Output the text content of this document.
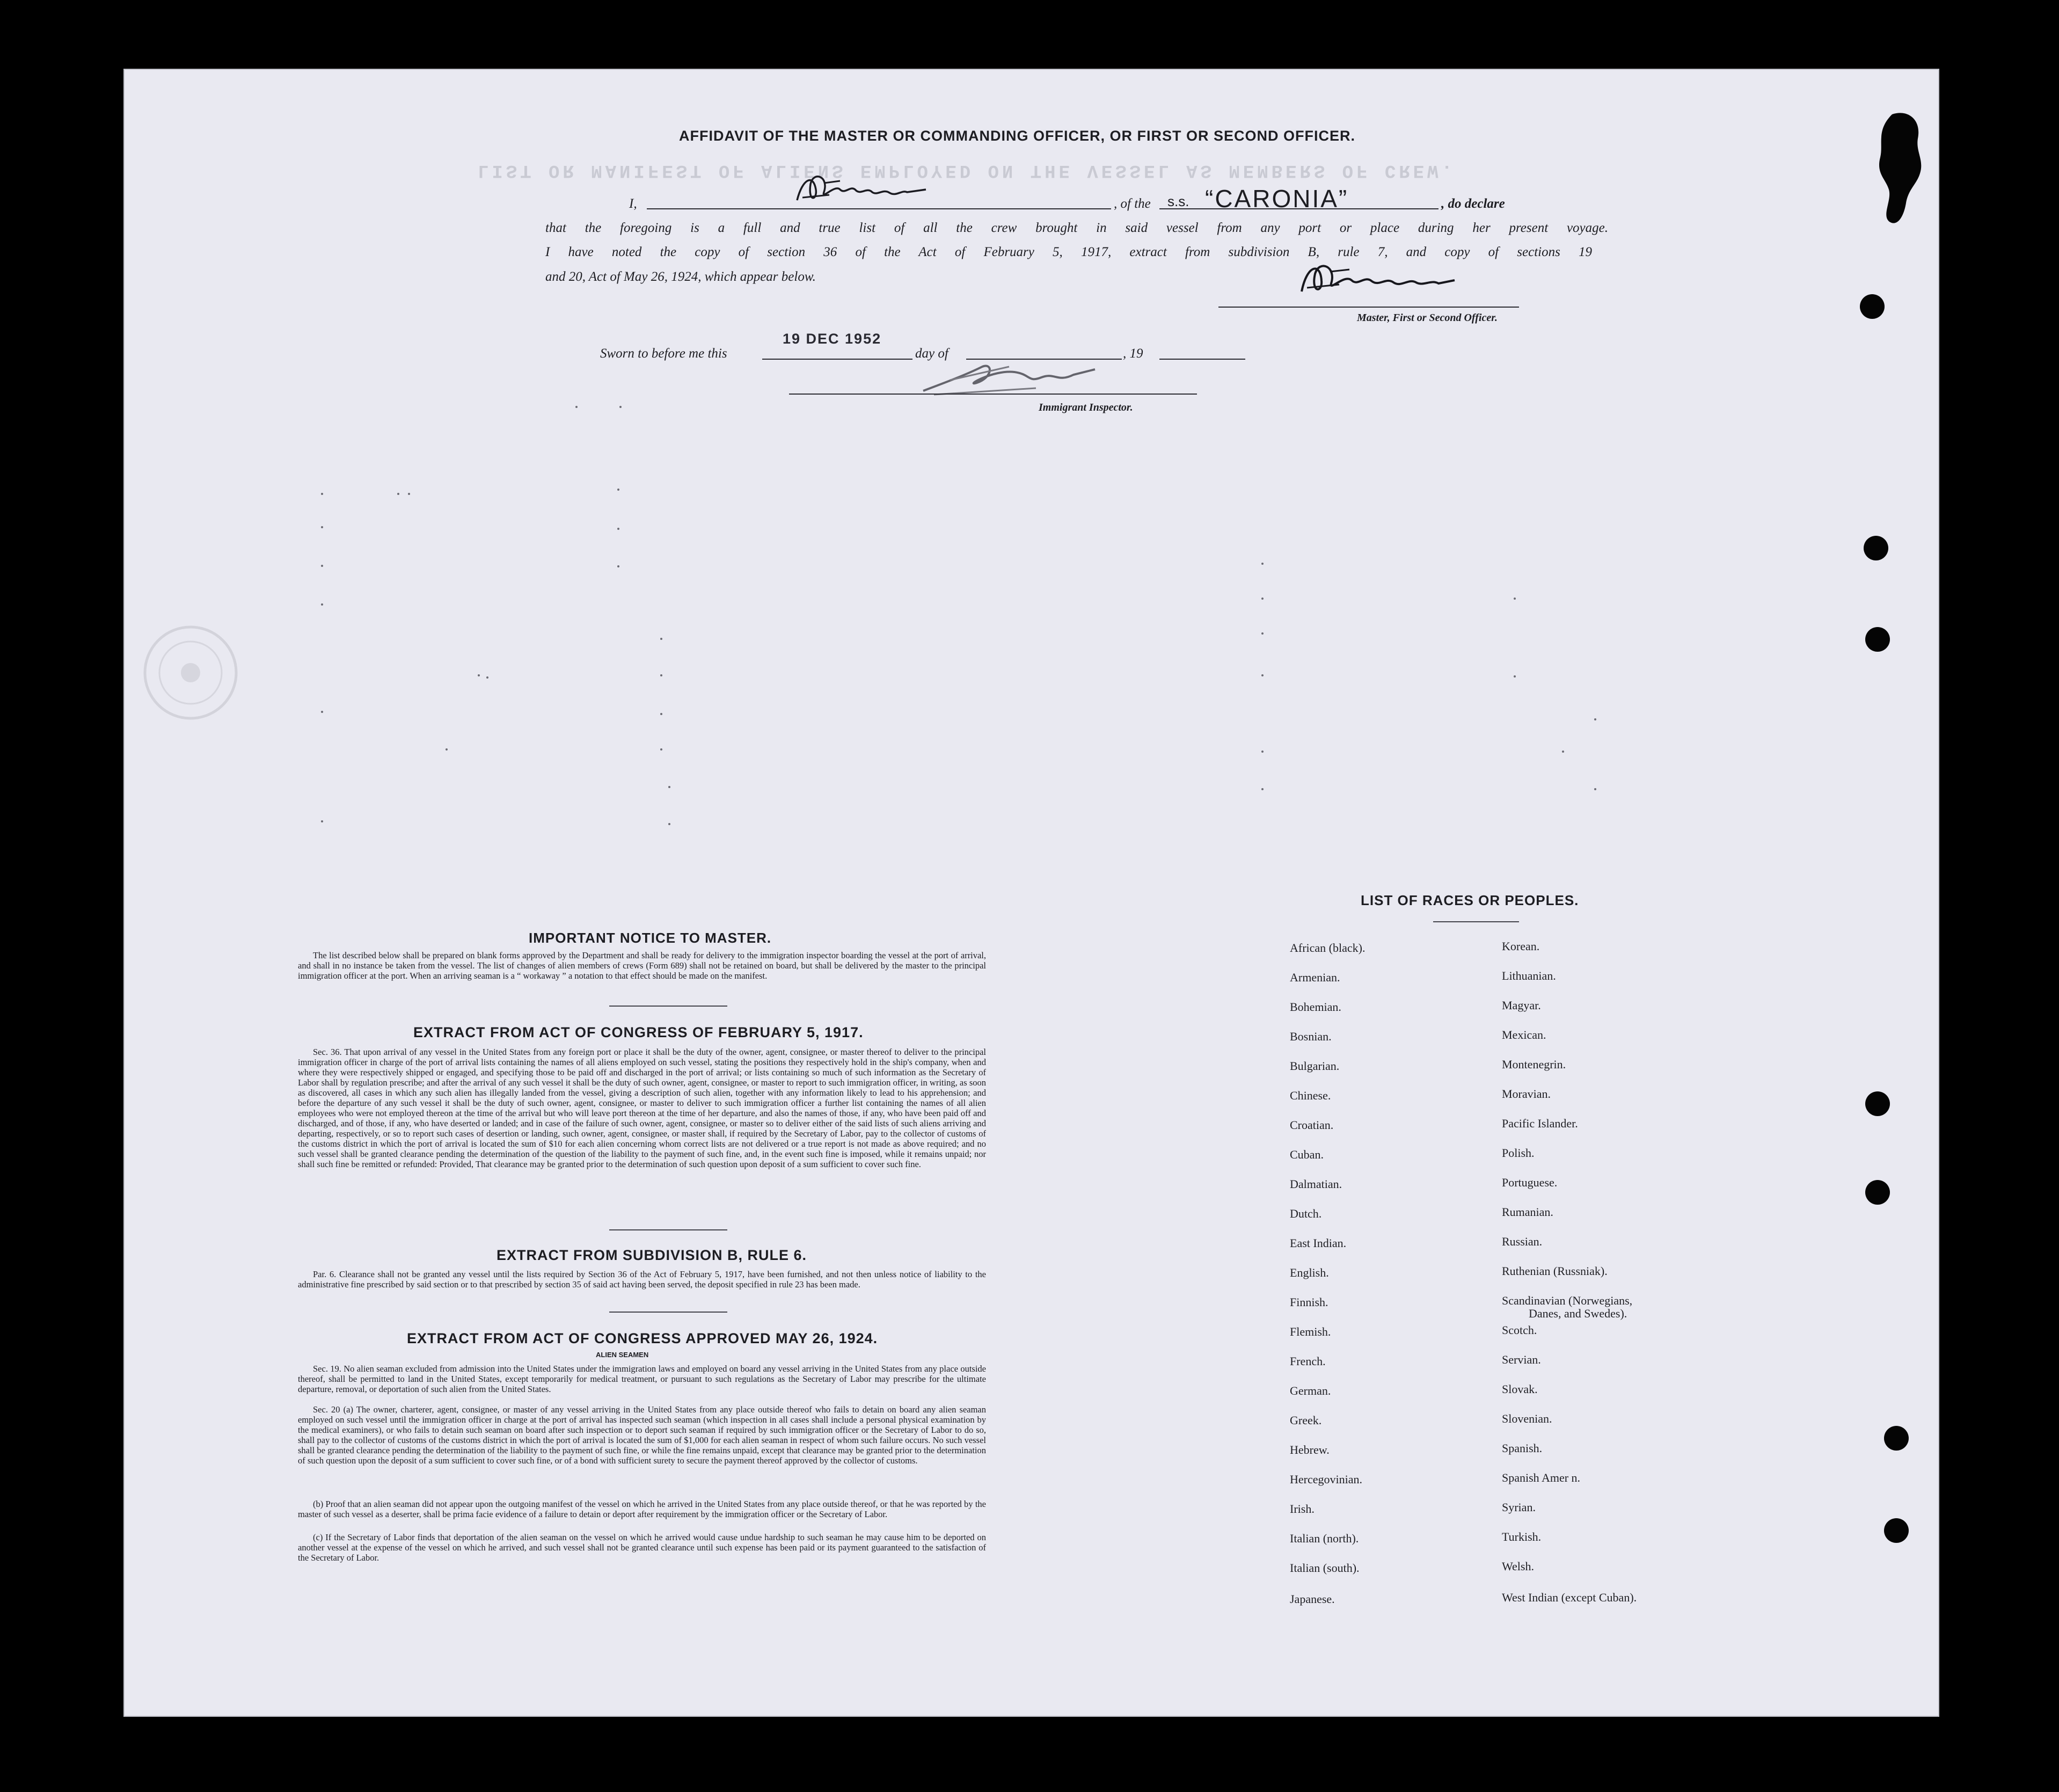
LIST OR MANIFEST OF ALIENS EMPLOYED ON THE VESSEL AS MEMBERS OF CREW.
AFFIDAVIT OF THE MASTER OR COMMANDING OFFICER, OR FIRST OR SECOND OFFICER.
I,	, of the s.s. “CARONIA”	, do declare
that the foregoing is a full and true list of all the crew brought in said vessel from any port or place during her present voyage.
I have noted the copy of section 36 of the Act of February 5, 1917, extract from subdivision B, rule 7, and copy of sections 19
and 20, Act of May 26, 1924, which appear below.
Master, First or Second Officer.
Sworn to before me this
19 DEC 1952
day of	, 19
Immigrant Inspector.
IMPORTANT NOTICE TO MASTER.
The list described below shall be prepared on blank forms approved by the Department and shall be ready for delivery to the immigration inspector boarding the vessel at the port of arrival, and shall in no instance be taken from the vessel. The list of changes of alien members of crews (Form 689) shall not be retained on board, but shall be delivered by the master to the principal immigration officer at the port. When an arriving seaman is a “ workaway ” a notation to that effect should be made on the manifest.
EXTRACT FROM ACT OF CONGRESS OF FEBRUARY 5, 1917.
Sec. 36. That upon arrival of any vessel in the United States from any foreign port or place it shall be the duty of the owner, agent, consignee, or master thereof to deliver to the principal immigration officer in charge of the port of arrival lists containing the names of all aliens employed on such vessel, stating the positions they respectively hold in the ship's company, when and where they were respectively shipped or engaged, and specifying those to be paid off and discharged in the port of arrival; or lists containing so much of such information as the Secretary of Labor shall by regulation prescribe; and after the arrival of any such vessel it shall be the duty of such owner, agent, consignee, or master to report to such immigration officer, in writing, as soon as discovered, all cases in which any such alien has illegally landed from the vessel, giving a description of such alien, together with any information likely to lead to his apprehension; and before the departure of any such vessel it shall be the duty of such owner, agent, consignee, or master to deliver to such immigration officer a further list containing the names of all alien employees who were not employed thereon at the time of the arrival but who will leave port thereon at the time of her departure, and also the names of those, if any, who have been paid off and discharged, and of those, if any, who have deserted or landed; and in case of the failure of such owner, agent, consignee, or master so to deliver either of the said lists of such aliens arriving and departing, respectively, or so to report such cases of desertion or landing, such owner, agent, consignee, or master shall, if required by the Secretary of Labor, pay to the collector of customs of the customs district in which the port of arrival is located the sum of $10 for each alien concerning whom correct lists are not delivered or a true report is not made as above required; and no such vessel shall be granted clearance pending the determination of the question of the liability to the payment of such fine, and, in the event such fine is imposed, while it remains unpaid; nor shall such fine be remitted or refunded: Provided, That clearance may be granted prior to the determination of such question upon deposit of a sum sufficient to cover such fine.
EXTRACT FROM SUBDIVISION B, RULE 6.
Par. 6. Clearance shall not be granted any vessel until the lists required by Section 36 of the Act of February 5, 1917, have been furnished, and not then unless notice of liability to the administrative fine prescribed by said section or to that prescribed by section 35 of said act having been served, the deposit specified in rule 23 has been made.
EXTRACT FROM ACT OF CONGRESS APPROVED MAY 26, 1924.
ALIEN SEAMEN
Sec. 19. No alien seaman excluded from admission into the United States under the immigration laws and employed on board any vessel arriving in the United States from any place outside thereof, shall be permitted to land in the United States, except temporarily for medical treatment, or pursuant to such regulations as the Secretary of Labor may prescribe for the ultimate departure, removal, or deportation of such alien from the United States.
Sec. 20 (a) The owner, charterer, agent, consignee, or master of any vessel arriving in the United States from any place outside thereof who fails to detain on board any alien seaman employed on such vessel until the immigration officer in charge at the port of arrival has inspected such seaman (which inspection in all cases shall include a personal physical examination by the medical examiners), or who fails to detain such seaman on board after such inspection or to deport such seaman if required by such immigration officer or the Secretary of Labor to do so, shall pay to the collector of customs of the customs district in which the port of arrival is located the sum of $1,000 for each alien seaman in respect of whom such failure occurs. No such vessel shall be granted clearance pending the determination of the liability to the payment of such fine, or while the fine remains unpaid, except that clearance may be granted prior to the determination of such question upon the deposit of a sum sufficient to cover such fine, or of a bond with sufficient surety to secure the payment thereof approved by the collector of customs.
(b) Proof that an alien seaman did not appear upon the outgoing manifest of the vessel on which he arrived in the United States from any place outside thereof, or that he was reported by the master of such vessel as a deserter, shall be prima facie evidence of a failure to detain or deport after requirement by the immigration officer or the Secretary of Labor.
(c) If the Secretary of Labor finds that deportation of the alien seaman on the vessel on which he arrived would cause undue hardship to such seaman he may cause him to be deported on another vessel at the expense of the vessel on which he arrived, and such vessel shall not be granted clearance until such expense has been paid or its payment guaranteed to the satisfaction of the Secretary of Labor.
LIST OF RACES OR PEOPLES.
African (black).
Armenian.
Bohemian.
Bosnian.
Bulgarian.
Chinese.
Croatian.
Cuban.
Dalmatian.
Dutch.
East Indian.
English.
Finnish.
Flemish.
French.
German.
Greek.
Hebrew.
Hercegovinian.
Irish.
Italian (north).
Italian (south).
Japanese.
Korean.
Lithuanian.
Magyar.
Mexican.
Montenegrin.
Moravian.
Pacific Islander.
Polish.
Portuguese.
Rumanian.
Russian.
Ruthenian (Russniak).
Scandinavian (Norwegians,
Danes, and Swedes).
Scotch.
Servian.
Slovak.
Slovenian.
Spanish.
Spanish Amer n.
Syrian.
Turkish.
Welsh.
West Indian (except Cuban).
